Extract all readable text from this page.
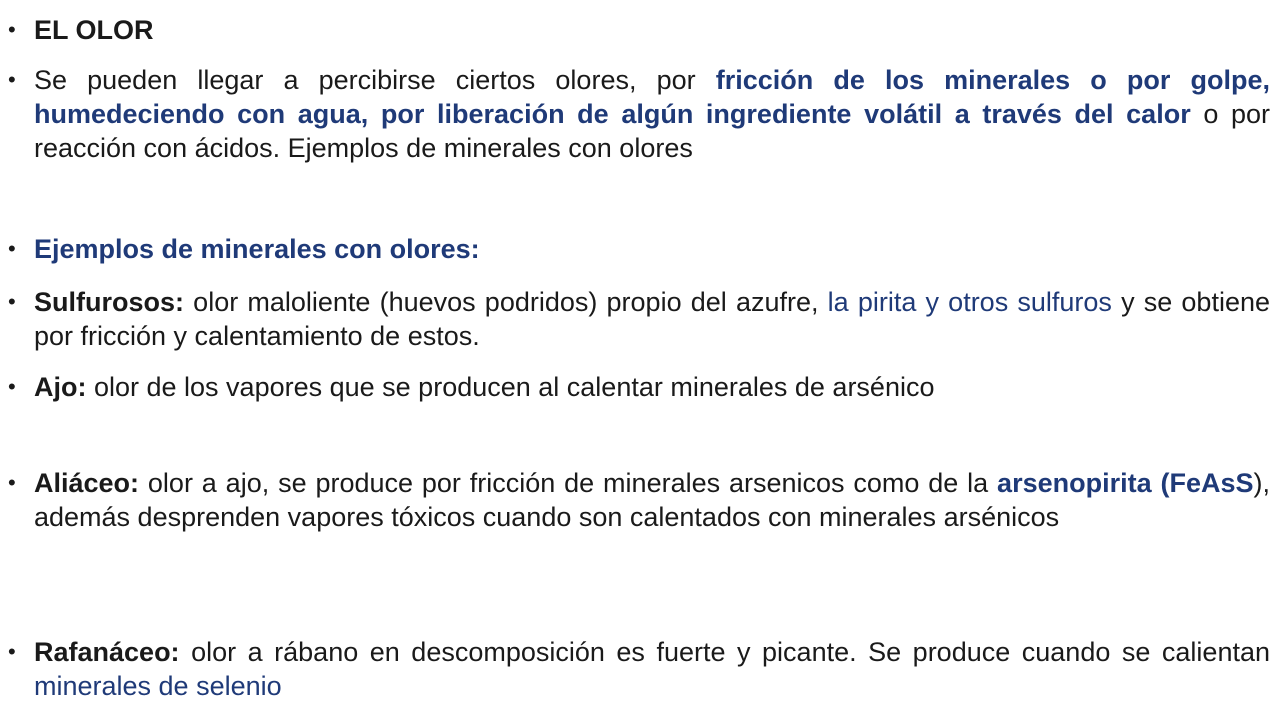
• EL OLOR
• Se pueden llegar a percibirse ciertos olores, por fricción de los minerales o por golpe, humedeciendo con agua, por liberación de algún ingrediente volátil a través del calor o por reacción con ácidos. Ejemplos de minerales con olores
• Ejemplos de minerales con olores:
• Sulfurosos: olor maloliente (huevos podridos) propio del azufre, la pirita y otros sulfuros y se obtiene por fricción y calentamiento de estos.
• Ajo: olor de los vapores que se producen al calentar minerales de arsénico
• Aliáceo: olor a ajo, se produce por fricción de minerales arsenicos como de la arsenopirita (FeAsS), además desprenden vapores tóxicos cuando son calentados con minerales arsénicos
• Rafanáceo: olor a rábano en descomposición es fuerte y picante. Se produce cuando se calientan minerales de selenio
